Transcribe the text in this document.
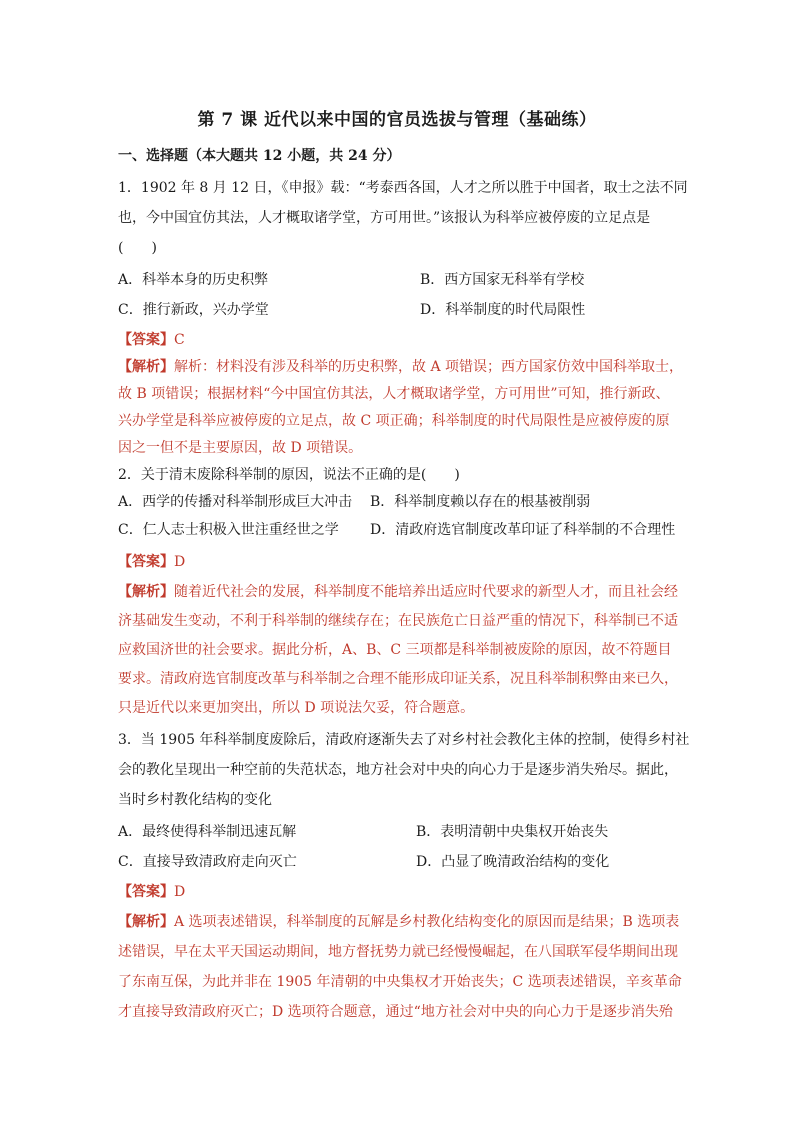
第 7 课 近代以来中国的官员选拔与管理（基础练）
一、选择题（本大题共 12 小题，共 24 分）
1．1902 年 8 月 12 日，《申报》载：“考泰西各国，人才之所以胜于中国者，取士之法不同
也，今中国宜仿其法，人才概取诸学堂，方可用世。”该报认为科举应被停废的立足点是
(　　)
A．科举本身的历史积弊	B．西方国家无科举有学校
C．推行新政，兴办学堂	D．科举制度的时代局限性
【答案】C
【解析】解析：材料没有涉及科举的历史积弊，故 A 项错误；西方国家仿效中国科举取士，
故 B 项错误；根据材料“今中国宜仿其法，人才概取诸学堂，方可用世”可知，推行新政、
兴办学堂是科举应被停废的立足点，故 C 项正确；科举制度的时代局限性是应被停废的原
因之一但不是主要原因，故 D 项错误。
2．关于清末废除科举制的原因，说法不正确的是(　　)
A．西学的传播对科举制形成巨大冲击 B．科举制度赖以存在的根基被削弱
C．仁人志士积极入世注重经世之学 D．清政府选官制度改革印证了科举制的不合理性
【答案】D
【解析】随着近代社会的发展，科举制度不能培养出适应时代要求的新型人才，而且社会经
济基础发生变动，不利于科举制的继续存在；在民族危亡日益严重的情况下，科举制已不适
应救国济世的社会要求。据此分析，A、B、C 三项都是科举制被废除的原因，故不符题目
要求。清政府选官制度改革与科举制之合理不能形成印证关系，况且科举制积弊由来已久，
只是近代以来更加突出，所以 D 项说法欠妥，符合题意。
3．当 1905 年科举制度废除后，清政府逐渐失去了对乡村社会教化主体的控制，使得乡村社
会的教化呈现出一种空前的失范状态，地方社会对中央的向心力于是逐步消失殆尽。据此，
当时乡村教化结构的变化
A．最终使得科举制迅速瓦解	B．表明清朝中央集权开始丧失
C．直接导致清政府走向灭亡	D．凸显了晚清政治结构的变化
【答案】D
【解析】A 选项表述错误，科举制度的瓦解是乡村教化结构变化的原因而是结果；B 选项表
述错误，早在太平天国运动期间，地方督抚势力就已经慢慢崛起，在八国联军侵华期间出现
了东南互保，为此并非在 1905 年清朝的中央集权才开始丧失；C 选项表述错误，辛亥革命
才直接导致清政府灭亡；D 选项符合题意，通过“地方社会对中央的向心力于是逐步消失殆
